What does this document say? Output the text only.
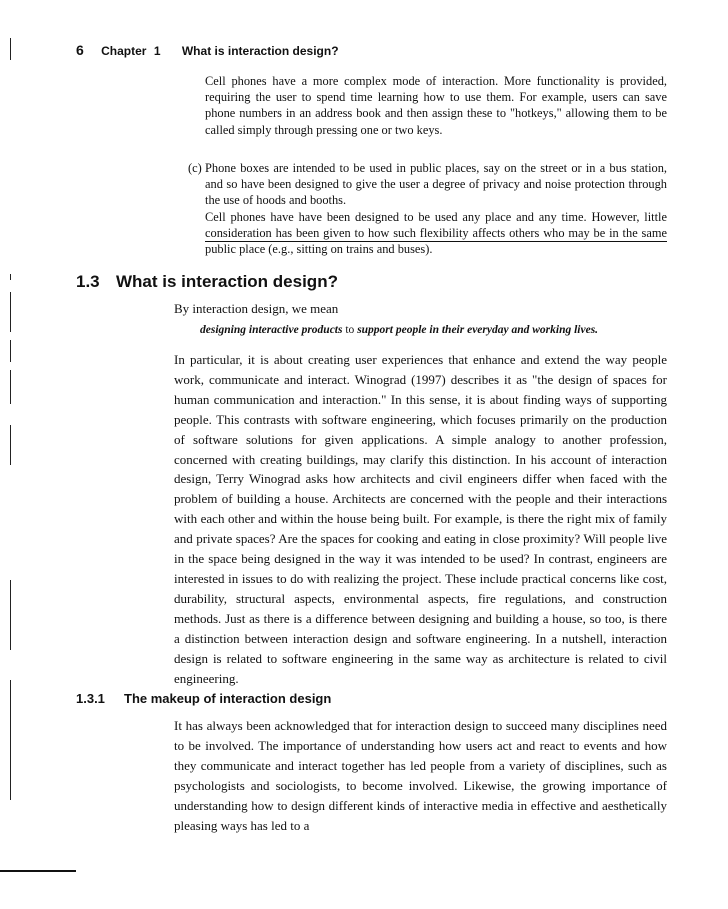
6 Chapter 1 What is interaction design?

Cell phones have a more complex mode of interaction. More functionality is provided, requiring the user to spend time learning how to use them. For example, users can save phone numbers in an address book and then assign these to "hotkeys," allowing them to be called simply through pressing one or two keys.

(c) Phone boxes are intended to be used in public places, say on the street or in a bus station, and so have been designed to give the user a degree of privacy and noise protection through the use of hoods and booths.

Cell phones have have been designed to be used any place and any time. However, little consideration has been given to how such flexibility affects others who may be in the same public place (e.g., sitting on trains and buses).

1.3 What is interaction design?

By interaction design, we mean

designing interactive products to support people in their everyday and working lives.

In particular, it is about creating user experiences that enhance and extend the way people work, communicate and interact. Winograd (1997) describes it as "the design of spaces for human communication and interaction." In this sense, it is about finding ways of supporting people. This contrasts with software engineering, which focuses primarily on the production of software solutions for given applications. A simple analogy to another profession, concerned with creating buildings, may clarify this distinction. In his account of interaction design, Terry Winograd asks how architects and civil engineers differ when faced with the problem of building a house. Architects are concerned with the people and their interactions with each other and within the house being built. For example, is there the right mix of family and private spaces? Are the spaces for cooking and eating in close proximity? Will people live in the space being designed in the way it was intended to be used? In contrast, engineers are interested in issues to do with realizing the project. These include practical concerns like cost, durability, structural aspects, environmental aspects, fire regulations, and construction methods. Just as there is a difference between designing and building a house, so too, is there a distinction between interaction design and software engineering. In a nutshell, interaction design is related to software engineering in the same way as architecture is related to civil engineering.

1.3.1 The makeup of interaction design

It has always been acknowledged that for interaction design to succeed many disciplines need to be involved. The importance of understanding how users act and react to events and how they communicate and interact together has led people from a variety of disciplines, such as psychologists and sociologists, to become involved. Likewise, the growing importance of understanding how to design different kinds of interactive media in effective and aesthetically pleasing ways has led to a
